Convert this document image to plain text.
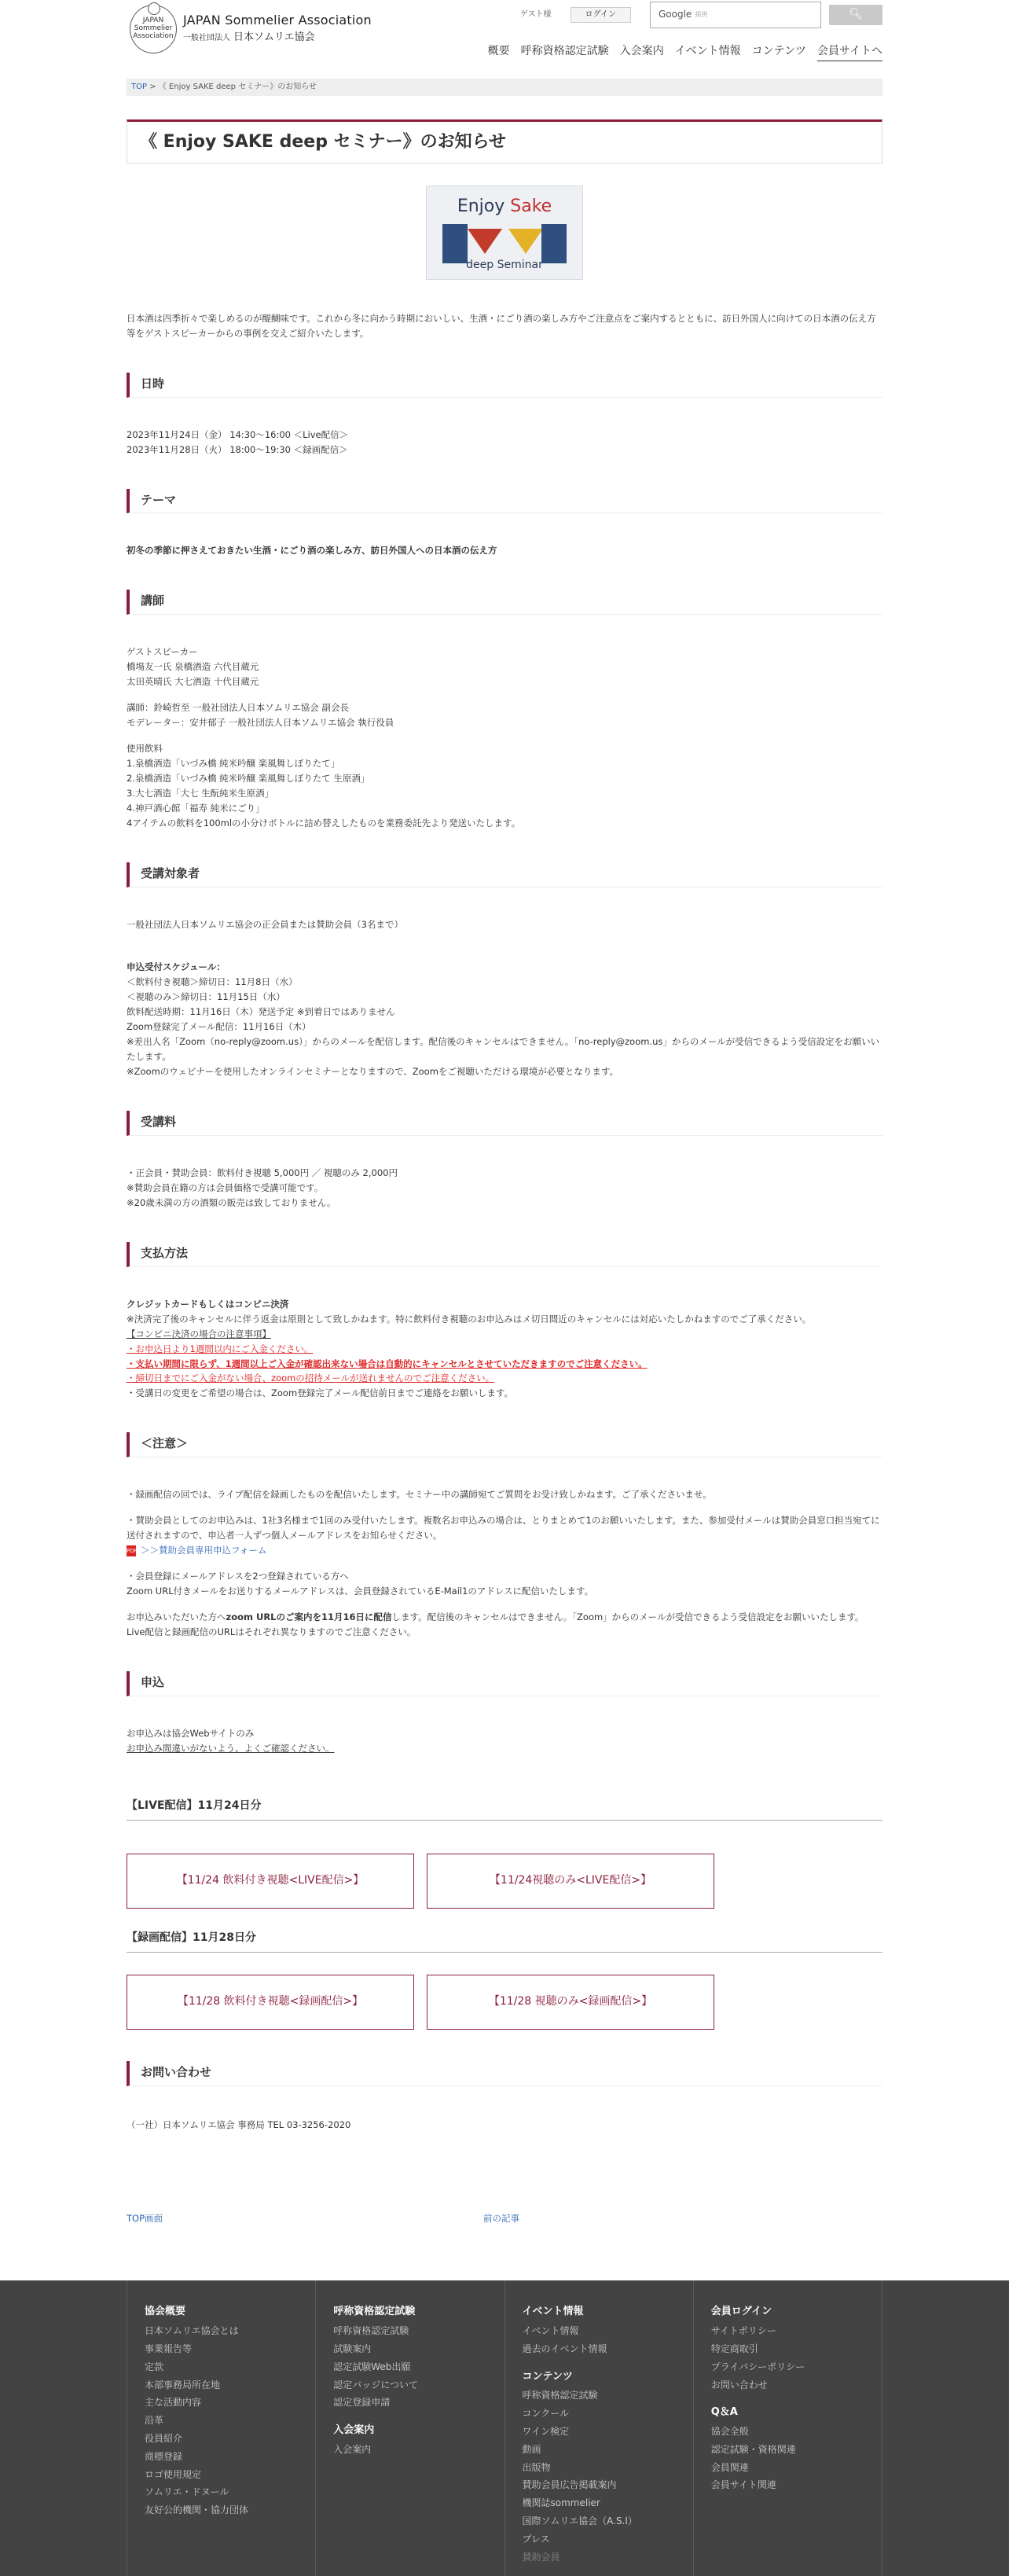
JAPAN
Sommelier
Association
JAPAN Sommelier Association
一般社団法人 日本ソムリエ協会
ゲスト様	ログイン	Google 提供	🔍︎
概要 呼称資格認定試験 入会案内 イベント情報 コンテンツ 会員サイトへ
TOP > 《 Enjoy SAKE deep セミナー》のお知らせ
《 Enjoy SAKE deep セミナー》のお知らせ
Enjoy Sake
deep Seminar

日本酒は四季折々で楽しめるのが醍醐味です。これから冬に向かう時期においしい、生酒・にごり酒の楽しみ方やご注意点をご案内するとともに、訪日外国人に向けての日本酒の伝え方等をゲストスピーカーからの事例を交えご紹介いたします。

日時
2023年11月24日（金） 14:30～16:00 ＜Live配信＞
2023年11月28日（火） 18:00～19:30 ＜録画配信＞
テーマ
初冬の季節に押さえておきたい生酒・にごり酒の楽しみ方、訪日外国人への日本酒の伝え方
講師

ゲストスピーカー
橋場友一氏 泉橋酒造 六代目蔵元
太田英晴氏 大七酒造 十代目蔵元

講師：鈴崎哲至 一般社団法人日本ソムリエ協会 副会長
モデレーター：安井郁子 一般社団法人日本ソムリエ協会 執行役員

使用飲料
1.泉橋酒造「いづみ橋 純米吟醸 楽風舞しぼりたて」
2.泉橋酒造「いづみ橋 純米吟醸 楽風舞しぼりたて 生原酒」
3.大七酒造「大七 生酛純米生原酒」
4.神戸酒心館「福寿 純米にごり」
4アイテムの飲料を100mlの小分けボトルに詰め替えしたものを業務委託先より発送いたします。

受講対象者

一般社団法人日本ソムリエ協会の正会員または賛助会員（3名まで）

申込受付スケジュール：
＜飲料付き視聴＞締切日：11月8日（水）
＜視聴のみ＞締切日：11月15日（水）
飲料配送時期：11月16日（木）発送予定 ※到着日ではありません
Zoom登録完了メール配信：11月16日（木）
※差出人名「Zoom（no-reply@zoom.us）」からのメールを配信します。配信後のキャンセルはできません。「no-reply@zoom.us」からのメールが受信できるよう受信設定をお願いいたします。
※Zoomのウェビナーを使用したオンラインセミナーとなりますので、Zoomをご視聴いただける環境が必要となります。

受講料
・正会員・賛助会員：飲料付き視聴 5,000円 ／ 視聴のみ 2,000円
※賛助会員在籍の方は会員価格で受講可能です。
※20歳未満の方の酒類の販売は致しておりません。
支払方法
クレジットカードもしくはコンビニ決済
※決済完了後のキャンセルに伴う返金は原則として致しかねます。特に飲料付き視聴のお申込みはメ切日間近のキャンセルには対応いたしかねますのでご了承ください。
【コンビニ決済の場合の注意事項】
・お申込日より1週間以内にご入金ください。
・支払い期間に限らず、1週間以上ご入金が確認出来ない場合は自動的にキャンセルとさせていただきますのでご注意ください。
・締切日までにご入金がない場合、zoomの招待メールが送れませんのでご注意ください。
・受講日の変更をご希望の場合は、Zoom登録完了メール配信前日までご連絡をお願いします。
＜注意＞

・録画配信の回では、ライブ配信を録画したものを配信いたします。セミナー中の講師宛てご質問をお受け致しかねます。ご了承くださいませ。

・賛助会員としてのお申込みは、1社3名様まで1回のみ受付いたします。複数名お申込みの場合は、とりまとめて1のお願いいたします。また、参加受付メールは賛助会員窓口担当宛てに送付されますので、申込者一人ずつ個人メールアドレスをお知らせください。
PDF ＞＞賛助会員専用申込フォーム

・会員登録にメールアドレスを2つ登録されている方へ
Zoom URL付きメールをお送りするメールアドレスは、会員登録されているE-Mail1のアドレスに配信いたします。

お申込みいただいた方へzoom URLのご案内を11月16日に配信します。配信後のキャンセルはできません。「Zoom」からのメールが受信できるよう受信設定をお願いいたします。
Live配信と録画配信のURLはそれぞれ異なりますのでご注意ください。

申込
お申込みは協会Webサイトのみ
お申込み間違いがないよう、よくご確認ください。
【LIVE配信】11月24日分
【11/24 飲料付き視聴<LIVE配信>】	【11/24視聴のみ<LIVE配信>】
【録画配信】11月28日分
【11/28 飲料付き視聴<録画配信>】	【11/28 視聴のみ<録画配信>】
お問い合わせ
（一社）日本ソムリエ協会 事務局 TEL 03-3256-2020
TOP画面	前の記事
協会概要
日本ソムリエ協会とは
事業報告等
定款
本部事務局所在地
主な活動内容
沿革
役員紹介
商標登録
ロゴ使用規定
ソムリエ・ドヌール
友好公的機関・協力団体
呼称資格認定試験
呼称資格認定試験
試験案内
認定試験Web出願
認定バッジについて
認定登録申請
入会案内
入会案内
イベント情報
イベント情報
過去のイベント情報
コンテンツ
呼称資格認定試験
コンクール
ワイン検定
動画
出版物
賛助会員広告掲載案内
機関誌sommelier
国際ソムリエ協会（A.S.I）
プレス
賛助会員
会員ログイン
サイトポリシー
特定商取引
プライバシーポリシー
お問い合わせ
Q＆A
協会全般
認定試験・資格関連
会員関連
会員サイト関連
